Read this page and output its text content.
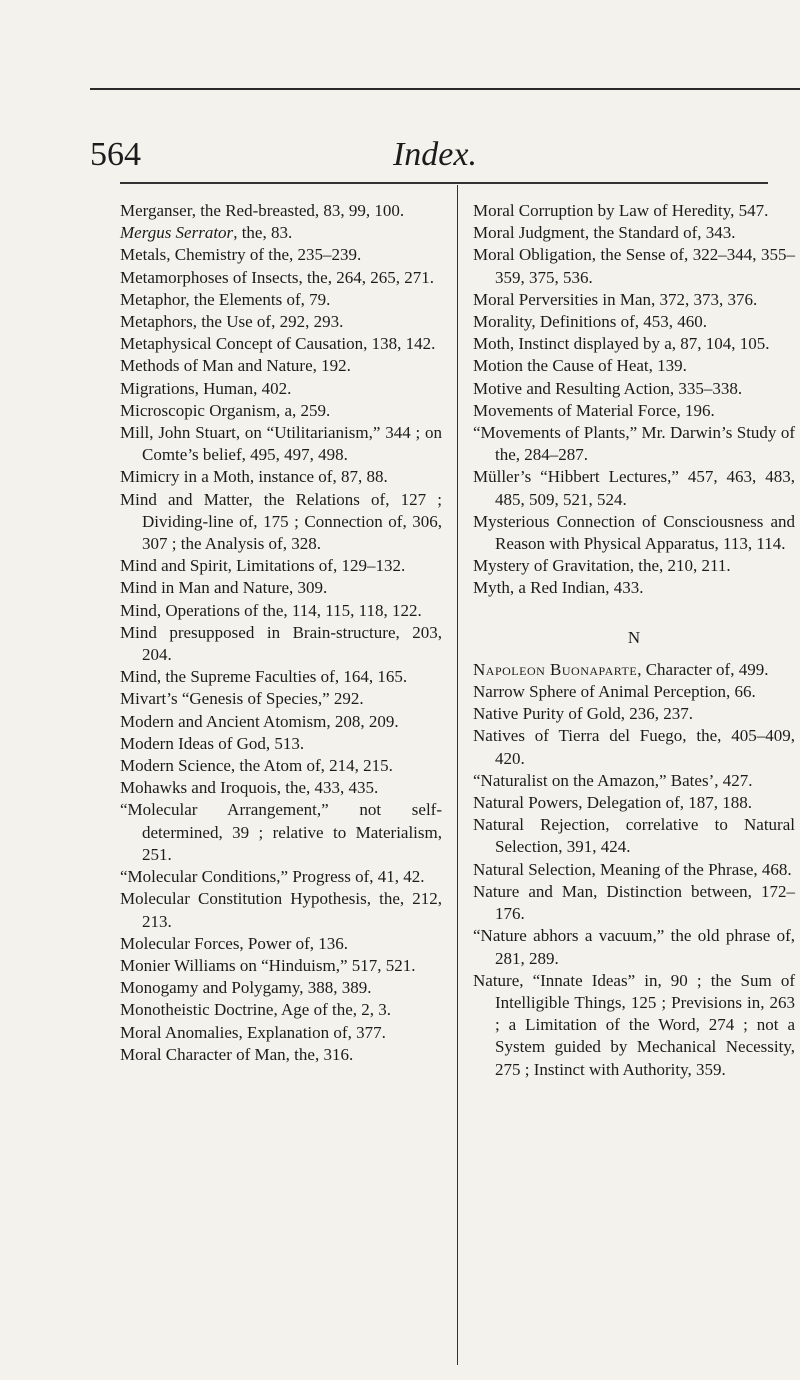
564	Index.
Merganser, the Red-breasted, 83, 99, 100.
Mergus Serrator, the, 83.
Metals, Chemistry of the, 235–239.
Metamorphoses of Insects, the, 264, 265, 271.
Metaphor, the Elements of, 79.
Metaphors, the Use of, 292, 293.
Metaphysical Concept of Causation, 138, 142.
Methods of Man and Nature, 192.
Migrations, Human, 402.
Microscopic Organism, a, 259.
Mill, John Stuart, on “Utilitarianism,” 344 ; on Comte’s belief, 495, 497, 498.
Mimicry in a Moth, instance of, 87, 88.
Mind and Matter, the Relations of, 127 ; Dividing-line of, 175 ; Connection of, 306, 307 ; the Analysis of, 328.
Mind and Spirit, Limitations of, 129–132.
Mind in Man and Nature, 309.
Mind, Operations of the, 114, 115, 118, 122.
Mind presupposed in Brain-structure, 203, 204.
Mind, the Supreme Faculties of, 164, 165.
Mivart’s “Genesis of Species,” 292.
Modern and Ancient Atomism, 208, 209.
Modern Ideas of God, 513.
Modern Science, the Atom of, 214, 215.
Mohawks and Iroquois, the, 433, 435.
“Molecular Arrangement,” not self-determined, 39 ; relative to Materialism, 251.
“Molecular Conditions,” Progress of, 41, 42.
Molecular Constitution Hypothesis, the, 212, 213.
Molecular Forces, Power of, 136.
Monier Williams on “Hinduism,” 517, 521.
Monogamy and Polygamy, 388, 389.
Monotheistic Doctrine, Age of the, 2, 3.
Moral Anomalies, Explanation of, 377.
Moral Character of Man, the, 316.
Moral Corruption by Law of Heredity, 547.
Moral Judgment, the Standard of, 343.
Moral Obligation, the Sense of, 322–344, 355–359, 375, 536.
Moral Perversities in Man, 372, 373, 376.
Morality, Definitions of, 453, 460.
Moth, Instinct displayed by a, 87, 104, 105.
Motion the Cause of Heat, 139.
Motive and Resulting Action, 335–338.
Movements of Material Force, 196.
“Movements of Plants,” Mr. Darwin’s Study of the, 284–287.
Müller’s “Hibbert Lectures,” 457, 463, 483, 485, 509, 521, 524.
Mysterious Connection of Consciousness and Reason with Physical Apparatus, 113, 114.
Mystery of Gravitation, the, 210, 211.
Myth, a Red Indian, 433.
N
Napoleon Buonaparte, Character of, 499.
Narrow Sphere of Animal Perception, 66.
Native Purity of Gold, 236, 237.
Natives of Tierra del Fuego, the, 405–409, 420.
“Naturalist on the Amazon,” Bates’, 427.
Natural Powers, Delegation of, 187, 188.
Natural Rejection, correlative to Natural Selection, 391, 424.
Natural Selection, Meaning of the Phrase, 468.
Nature and Man, Distinction between, 172–176.
“Nature abhors a vacuum,” the old phrase of, 281, 289.
Nature, “Innate Ideas” in, 90 ; the Sum of Intelligible Things, 125 ; Previsions in, 263 ; a Limitation of the Word, 274 ; not a System guided by Mechanical Necessity, 275 ; Instinct with Authority, 359.
